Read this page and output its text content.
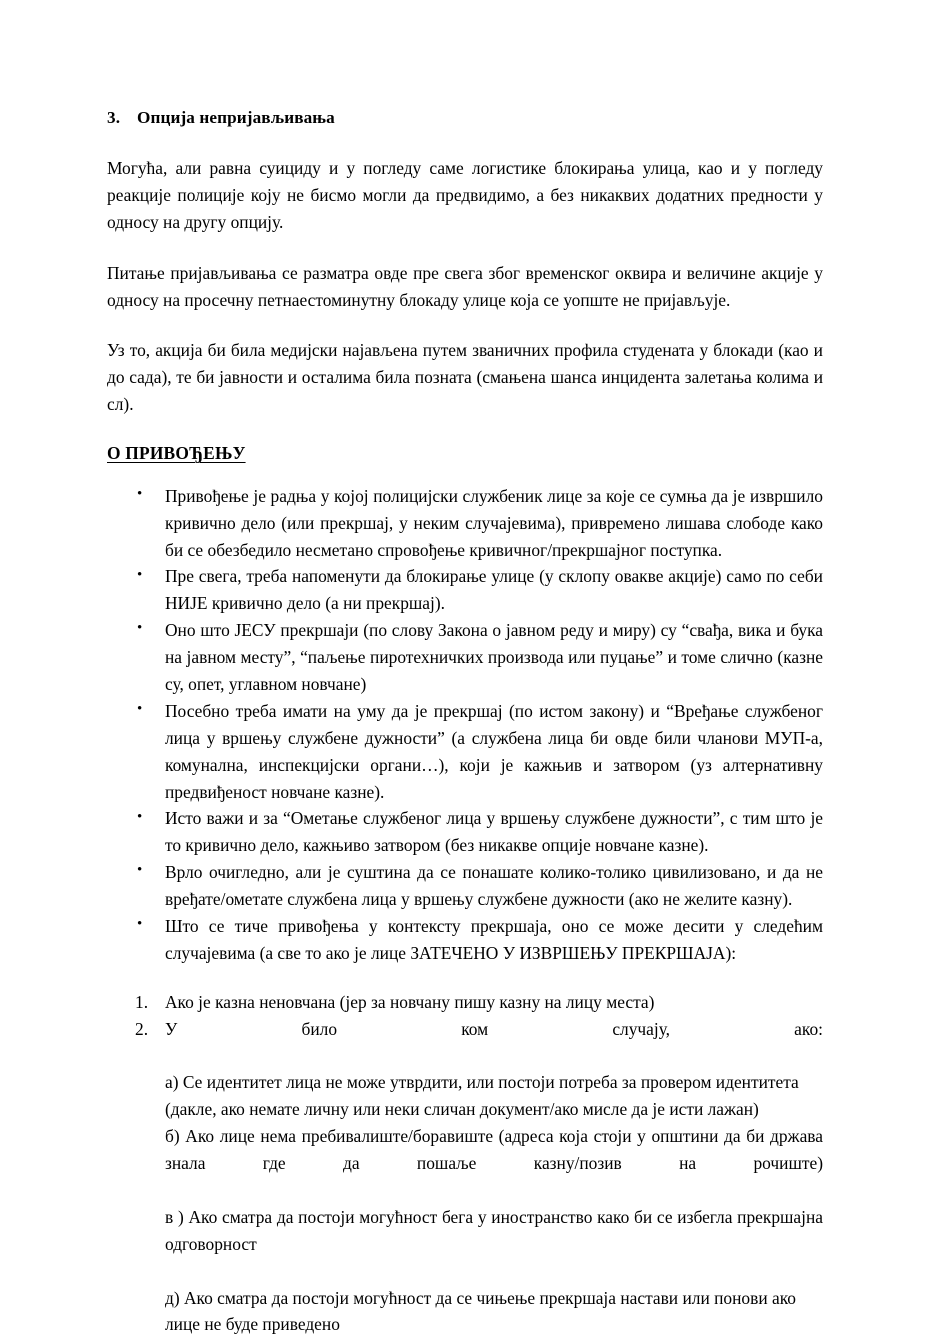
3. Опција непријављивања

Могућа, али равна суициду и у погледу саме логистике блокирања улица, као и у погледу реакције полиције коју не бисмо могли да предвидимо, а без никаквих додатних предности у односу на другу опцију.

Питање пријављивања се разматра овде пре свега због временског оквира и величине акције у односу на просечну петнаестоминутну блокаду улице која се уопште не пријављује.

Уз то, акција би била медијски најављена путем званичних профила студената у блокади (као и до сада), те би јавности и осталима била позната (смањена шанса инцидента залетања колима и сл).

О ПРИВОЂЕЊУ
• Привођење је радња у којој полицијски службеник лице за које се сумња да је извршило кривично дело (или прекршај, у неким случајевима), привремено лишава слободе како би се обезбедило несметано спровођење кривичног/прекршајног поступка.
• Пре свега, треба напоменути да блокирање улице (у склопу овакве акције) само по себи НИЈЕ кривично дело (а ни прекршај).
• Оно што ЈЕСУ прекршаји (по слову Закона о јавном реду и миру) су “свађа, вика и бука на јавном месту”, “паљење пиротехничких производа или пуцање” и томе слично (казне су, опет, углавном новчане)
• Посебно треба имати на уму да је прекршај (по истом закону) и “Вређање службеног лица у вршењу службене дужности” (а службена лица би овде били чланови МУП-а, комунална, инспекцијски органи…), који је кажњив и затвором (уз алтернативну предвиђеност новчане казне).
• Исто важи и за “Ометање службеног лица у вршењу службене дужности”, с тим што је то кривично дело, кажњиво затвором (без никакве опције новчане казне).
• Врло очигледно, али је суштина да се понашате колико-толико цивилизовано, и да не вређате/ометате службена лица у вршењу службене дужности (ако не желите казну).
• Што се тиче привођења у контексту прекршаја, оно се може десити у следећим случајевима (а све то ако је лице ЗАТЕЧЕНО У ИЗВРШЕЊУ ПРЕКРШАЈА):
1. Ако је казна неновчана (јер за новчану пишу казну на лицу места)
2. У било ком случају, ако:
а) Се идентитет лица не може утврдити, или постоји потреба за провером идентитета (дакле, ако немате личну или неки сличан документ/ако мисле да је исти лажан)
б) Ако лице нема пребивалиште/боравиште (адреса која стоји у општини да би држава знала где да пошаље казну/позив на рочиште)
в ) Ако сматра да постоји могућност бега у иностранство како би се избегла прекршајна одговорност
д) Ако сматра да постоји могућност да се чињење прекршаја настави или понови ако лице не буде приведено
